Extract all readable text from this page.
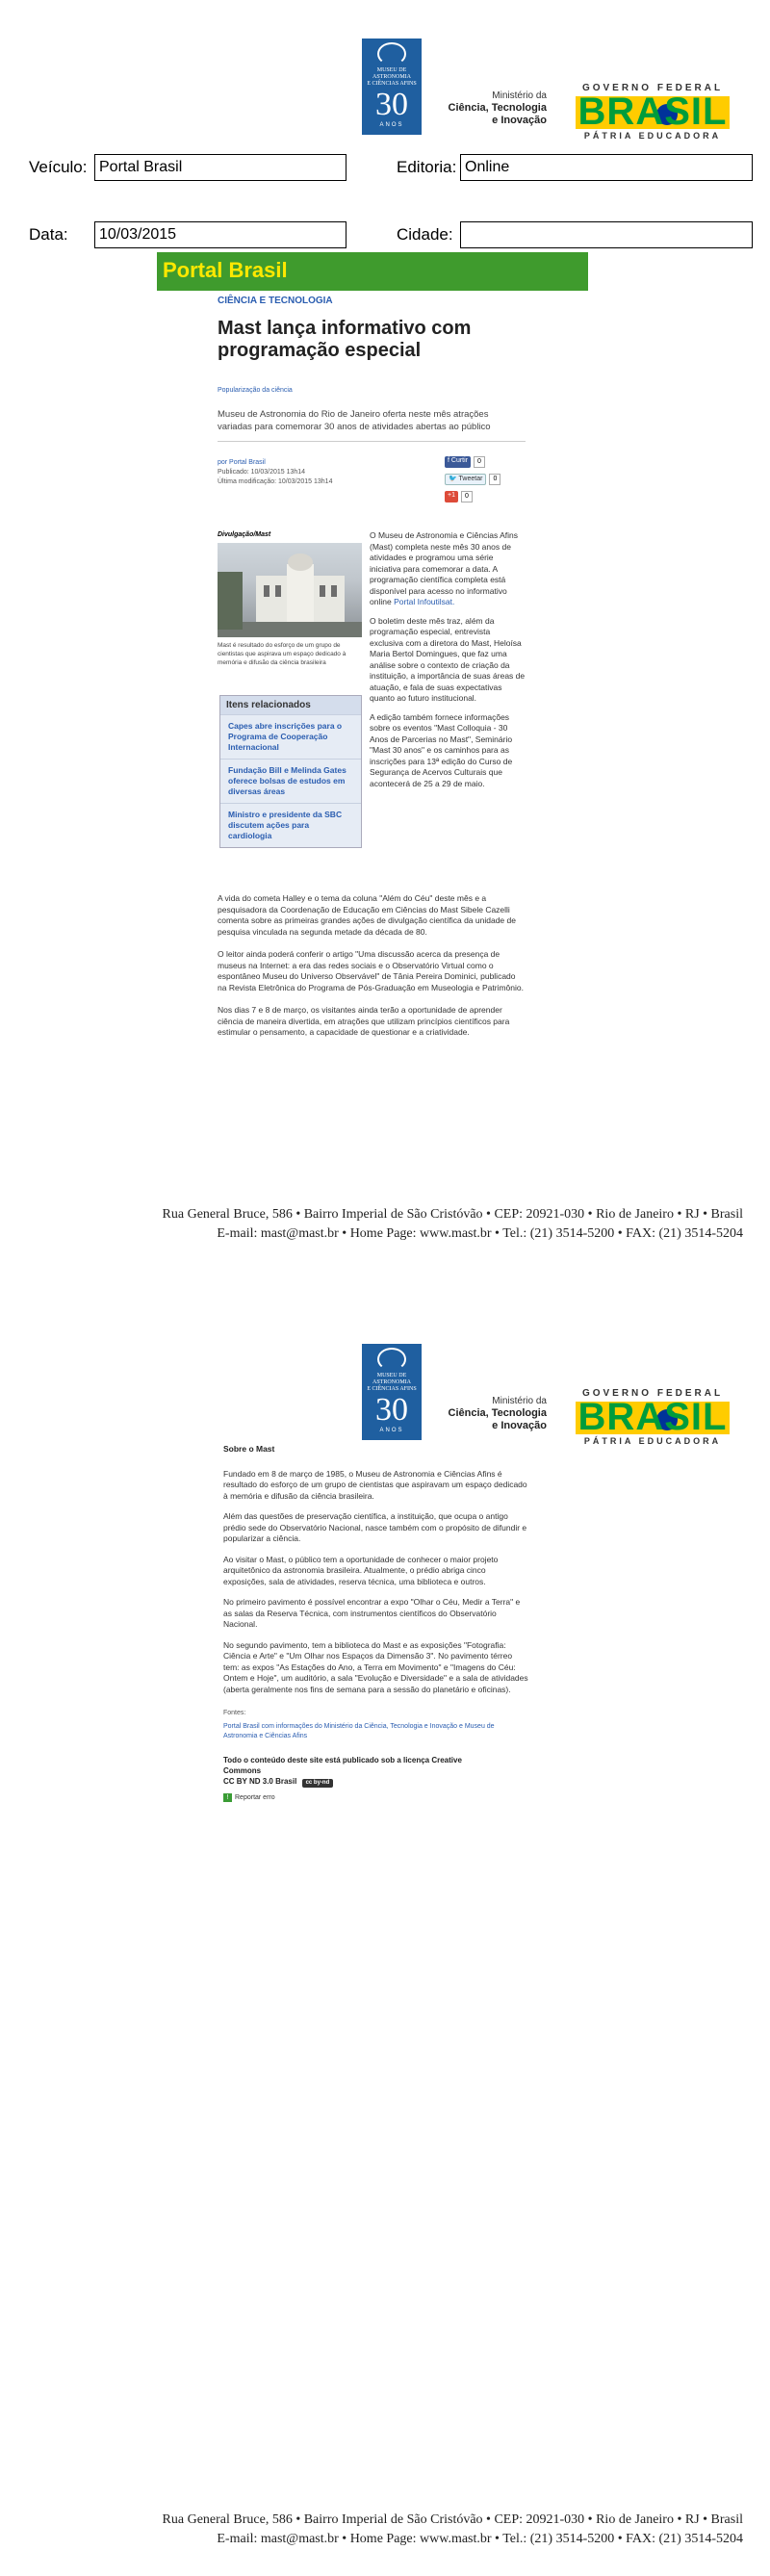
MUSEU DE
ASTRONOMIA
E CIÊNCIAS AFINS
30
ANOS
Ministério da
Ciência, Tecnologia
e Inovação
GOVERNO FEDERAL
BRASIL
PÁTRIA EDUCADORA
Veículo: Portal Brasil	Editoria: Online
Data:	10/03/2015	Cidade:
Portal Brasil
CIÊNCIA E TECNOLOGIA
Mast lança informativo com
programação especial
Popularização da ciência
Museu de Astronomia do Rio de Janeiro oferta neste mês atrações
variadas para comemorar 30 anos de atividades abertas ao público
por Portal Brasil
Publicado: 10/03/2015 13h14
Última modificação: 10/03/2015 13h14
f Curtir	0
🐦 Tweetar	0
+1	0
Divulgação/Mast
Mast é resultado do esforço de um grupo de cientistas que aspirava um espaço dedicado à memória e difusão da ciência brasileira

O Museu de Astronomia e Ciências Afins (Mast) completa neste mês 30 anos de atividades e programou uma série iniciativa para comemorar a data. A programação científica completa está disponível para acesso no informativo online Portal Infoutilsat.

O boletim deste mês traz, além da programação especial, entrevista exclusiva com a diretora do Mast, Heloísa Maria Bertol Domingues, que faz uma análise sobre o contexto de criação da instituição, a importância de suas áreas de atuação, e fala de suas expectativas quanto ao futuro institucional.

A edição também fornece informações sobre os eventos "Mast Colloquia - 30 Anos de Parcerias no Mast", Seminário "Mast 30 anos" e os caminhos para as inscrições para 13ª edição do Curso de Segurança de Acervos Culturais que acontecerá de 25 a 29 de maio.

Itens relacionados
Capes abre inscrições para o Programa de Cooperação Internacional
Fundação Bill e Melinda Gates oferece bolsas de estudos em diversas áreas
Ministro e presidente da SBC discutem ações para cardiologia

A vida do cometa Halley e o tema da coluna "Além do Céu" deste mês e a pesquisadora da Coordenação de Educação em Ciências do Mast Sibele Cazelli comenta sobre as primeiras grandes ações de divulgação científica da unidade de pesquisa vinculada na segunda metade da década de 80.

O leitor ainda poderá conferir o artigo "Uma discussão acerca da presença de museus na Internet: a era das redes sociais e o Observatório Virtual como o espontâneo Museu do Universo Observável" de Tânia Pereira Dominici, publicado na Revista Eletrônica do Programa de Pós-Graduação em Museologia e Patrimônio.

Nos dias 7 e 8 de março, os visitantes ainda terão a oportunidade de aprender ciência de maneira divertida, em atrações que utilizam princípios científicos para estimular o pensamento, a capacidade de questionar e a criatividade.

Rua General Bruce, 586 • Bairro Imperial de São Cristóvão • CEP: 20921-030 • Rio de Janeiro • RJ • Brasil
E-mail: mast@mast.br • Home Page: www.mast.br • Tel.: (21) 3514-5200 • FAX: (21) 3514-5204
MUSEU DE
ASTRONOMIA
E CIÊNCIAS AFINS
30
ANOS
Ministério da
Ciência, Tecnologia
e Inovação
GOVERNO FEDERAL
BRASIL
PÁTRIA EDUCADORA

Sobre o Mast

Fundado em 8 de março de 1985, o Museu de Astronomia e Ciências Afins é resultado do esforço de um grupo de cientistas que aspiravam um espaço dedicado à memória e difusão da ciência brasileira.

Além das questões de preservação científica, a instituição, que ocupa o antigo prédio sede do Observatório Nacional, nasce também com o propósito de difundir e popularizar a ciência.

Ao visitar o Mast, o público tem a oportunidade de conhecer o maior projeto arquitetônico da astronomia brasileira. Atualmente, o prédio abriga cinco exposições, sala de atividades, reserva técnica, uma biblioteca e outros.

No primeiro pavimento é possível encontrar a expo "Olhar o Céu, Medir a Terra" e as salas da Reserva Técnica, com instrumentos científicos do Observatório Nacional.

No segundo pavimento, tem a biblioteca do Mast e as exposições "Fotografia: Ciência e Arte" e "Um Olhar nos Espaços da Dimensão 3". No pavimento térreo tem: as expos "As Estações do Ano, a Terra em Movimento" e "Imagens do Céu: Ontem e Hoje", um auditório, a sala "Evolução e Diversidade" e a sala de atividades (aberta geralmente nos fins de semana para a sessão do planetário e oficinas).

Fontes:

Portal Brasil com informações do Ministério da Ciência, Tecnologia e Inovação e Museu de Astronomia e Ciências Afins

Todo o conteúdo deste site está publicado sob a licença Creative
Commons
CC BY ND 3.0 Brasil cc by-nd

! Reportar erro

Rua General Bruce, 586 • Bairro Imperial de São Cristóvão • CEP: 20921-030 • Rio de Janeiro • RJ • Brasil
E-mail: mast@mast.br • Home Page: www.mast.br • Tel.: (21) 3514-5200 • FAX: (21) 3514-5204
